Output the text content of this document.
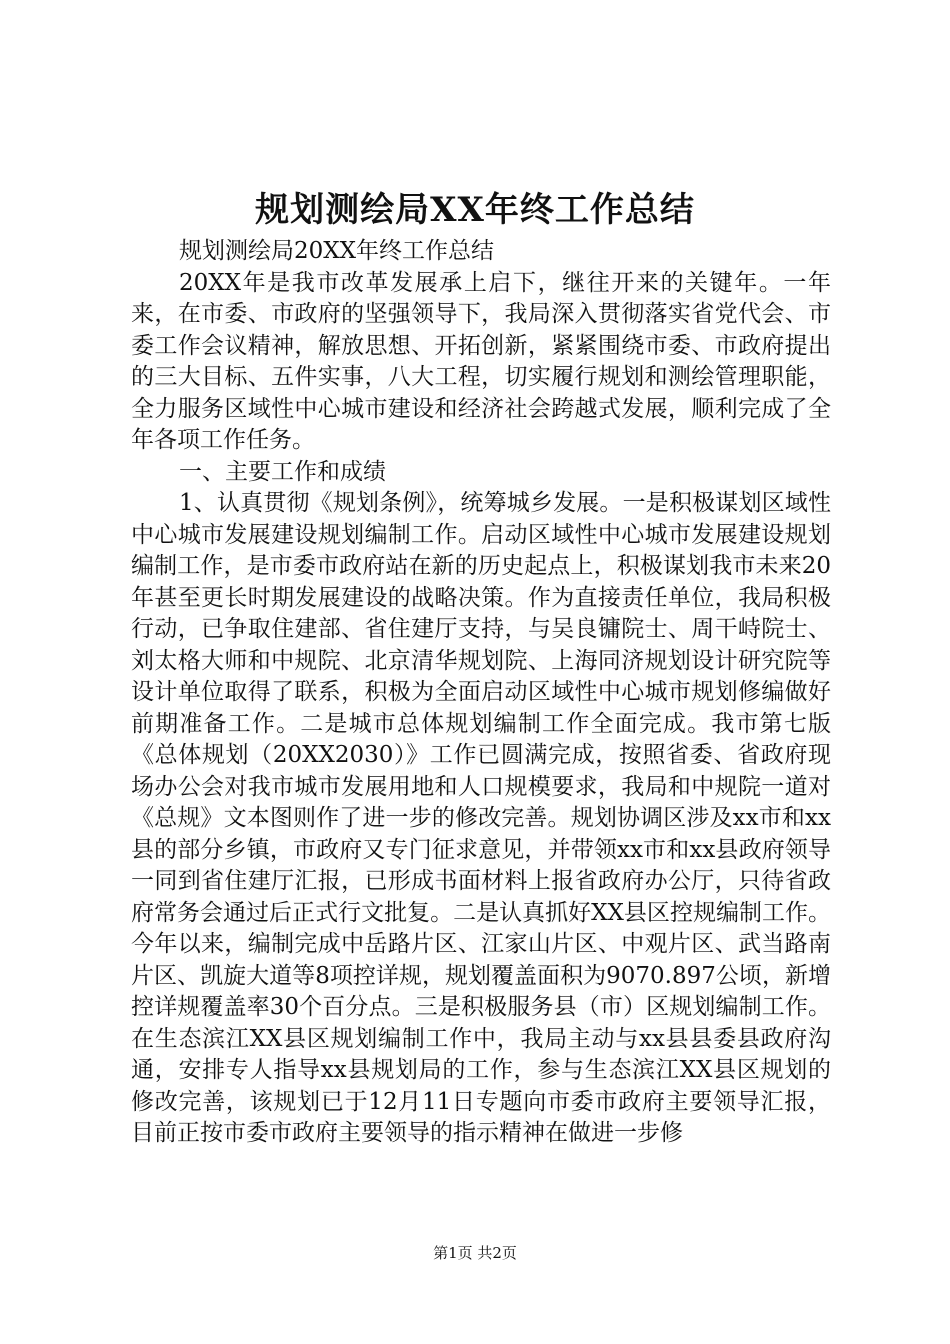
规划测绘局XX年终工作总结

规划测绘局20XX年终工作总结

20XX年是我市改革发展承上启下，继往开来的关键年。一年来，在市委、市政府的坚强领导下，我局深入贯彻落实省党代会、市委工作会议精神，解放思想、开拓创新，紧紧围绕市委、市政府提出的三大目标、五件实事，八大工程，切实履行规划和测绘管理职能，全力服务区域性中心城市建设和经济社会跨越式发展，顺利完成了全年各项工作任务。

一、主要工作和成绩

1、认真贯彻《规划条例》，统筹城乡发展。一是积极谋划区域性中心城市发展建设规划编制工作。启动区域性中心城市发展建设规划编制工作，是市委市政府站在新的历史起点上，积极谋划我市未来20年甚至更长时期发展建设的战略决策。作为直接责任单位，我局积极行动，已争取住建部、省住建厅支持，与吴良镛院士、周干峙院士、刘太格大师和中规院、北京清华规划院、上海同济规划设计研究院等设计单位取得了联系，积极为全面启动区域性中心城市规划修编做好前期准备工作。二是城市总体规划编制工作全面完成。我市第七版《总体规划（20XX2030）》工作已圆满完成，按照省委、省政府现场办公会对我市城市发展用地和人口规模要求，我局和中规院一道对《总规》文本图则作了进一步的修改完善。规划协调区涉及xx市和xx县的部分乡镇，市政府又专门征求意见，并带领xx市和xx县政府领导一同到省住建厅汇报，已形成书面材料上报省政府办公厅，只待省政府常务会通过后正式行文批复。二是认真抓好XX县区控规编制工作。今年以来，编制完成中岳路片区、江家山片区、中观片区、武当路南片区、凯旋大道等8项控详规，规划覆盖面积为9070.897公顷，新增控详规覆盖率30个百分点。三是积极服务县（市）区规划编制工作。在生态滨江XX县区规划编制工作中，我局主动与xx县县委县政府沟通，安排专人指导xx县规划局的工作，参与生态滨江XX县区规划的修改完善，该规划已于12月11日专题向市委市政府主要领导汇报，目前正按市委市政府主要领导的指示精神在做进一步修

第1页 共2页
